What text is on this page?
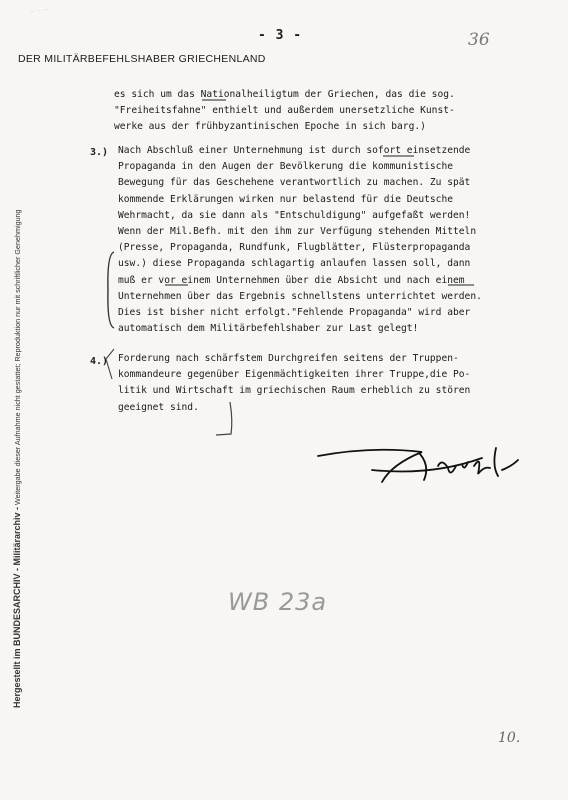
~ ~ ~
- 3 -	36
DER MILITÄRBEFEHLSHABER GRIECHENLAND
es sich um das Nationalheiligtum der Griechen, das die sog.
"Freiheitsfahne" enthielt und außerdem unersetzliche Kunst-
werke aus der frühbyzantinischen Epoche in sich barg.)
3.) Nach Abschluß einer Unternehmung ist durch sofort einsetzende
Propaganda in den Augen der Bevölkerung die kommunistische
Bewegung für das Geschehene verantwortlich zu machen. Zu spät
kommende Erklärungen wirken nur belastend für die Deutsche
Wehrmacht, da sie dann als "Entschuldigung" aufgefaßt werden!
Wenn der Mil.Befh. mit den ihm zur Verfügung stehenden Mitteln
(Presse, Propaganda, Rundfunk, Flugblätter, Flüsterpropaganda
usw.) diese Propaganda schlagartig anlaufen lassen soll, dann
muß er vor einem Unternehmen über die Absicht und nach einem
Unternehmen über das Ergebnis schnellstens unterrichtet werden.
Dies ist bisher nicht erfolgt."Fehlende Propaganda" wird aber
automatisch dem Militärbefehlshaber zur Last gelegt!
4.) Forderung nach schärfstem Durchgreifen seitens der Truppen-
kommandeure gegenüber Eigenmächtigkeiten ihrer Truppe,die Po-
litik und Wirtschaft im griechischen Raum erheblich zu stören
geeignet sind.
WB 23a
10.
Hergestellt im BUNDESARCHIV - Militärarchiv - Weitergabe dieser Aufnahme nicht gestattet; Reproduktion nur mit schriftlicher Genehmigung
